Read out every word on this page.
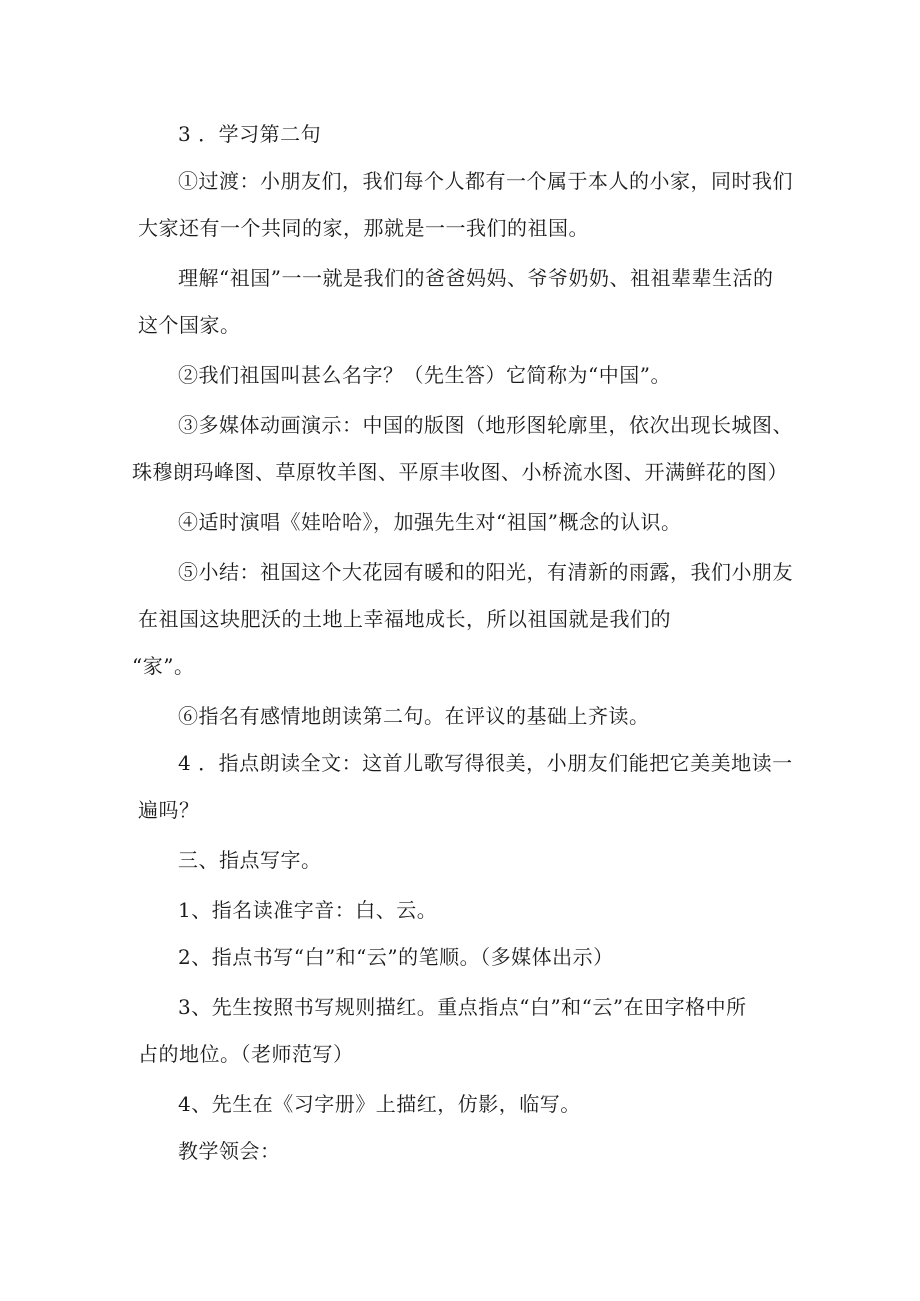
3 ．学习第二句
①过渡：小朋友们，我们每个人都有一个属于本人的小家，同时我们
大家还有一个共同的家，那就是一一我们的祖国。
理解“祖国”一一就是我们的爸爸妈妈、爷爷奶奶、祖祖辈辈生活的
这个国家。
②我们祖国叫甚么名字？（先生答）它简称为“中国”。
③多媒体动画演示：中国的版图（地形图轮廓里，依次出现长城图、
珠穆朗玛峰图、草原牧羊图、平原丰收图、小桥流水图、开满鲜花的图）
④适时演唱《娃哈哈》，加强先生对“祖国”概念的认识。
⑤小结：祖国这个大花园有暖和的阳光，有清新的雨露，我们小朋友
在祖国这块肥沃的土地上幸福地成长，所以祖国就是我们的
“家”。
⑥指名有感情地朗读第二句。在评议的基础上齐读。
4 ．指点朗读全文：这首儿歌写得很美，小朋友们能把它美美地读一
遍吗？
三、指点写字。
1、指名读准字音：白、云。
2、指点书写“白”和“云”的笔顺。（多媒体出示）
3、先生按照书写规则描红。重点指点“白”和“云”在田字格中所
占的地位。（老师范写）
4、先生在《习字册》上描红，仿影，临写。
教学领会：
